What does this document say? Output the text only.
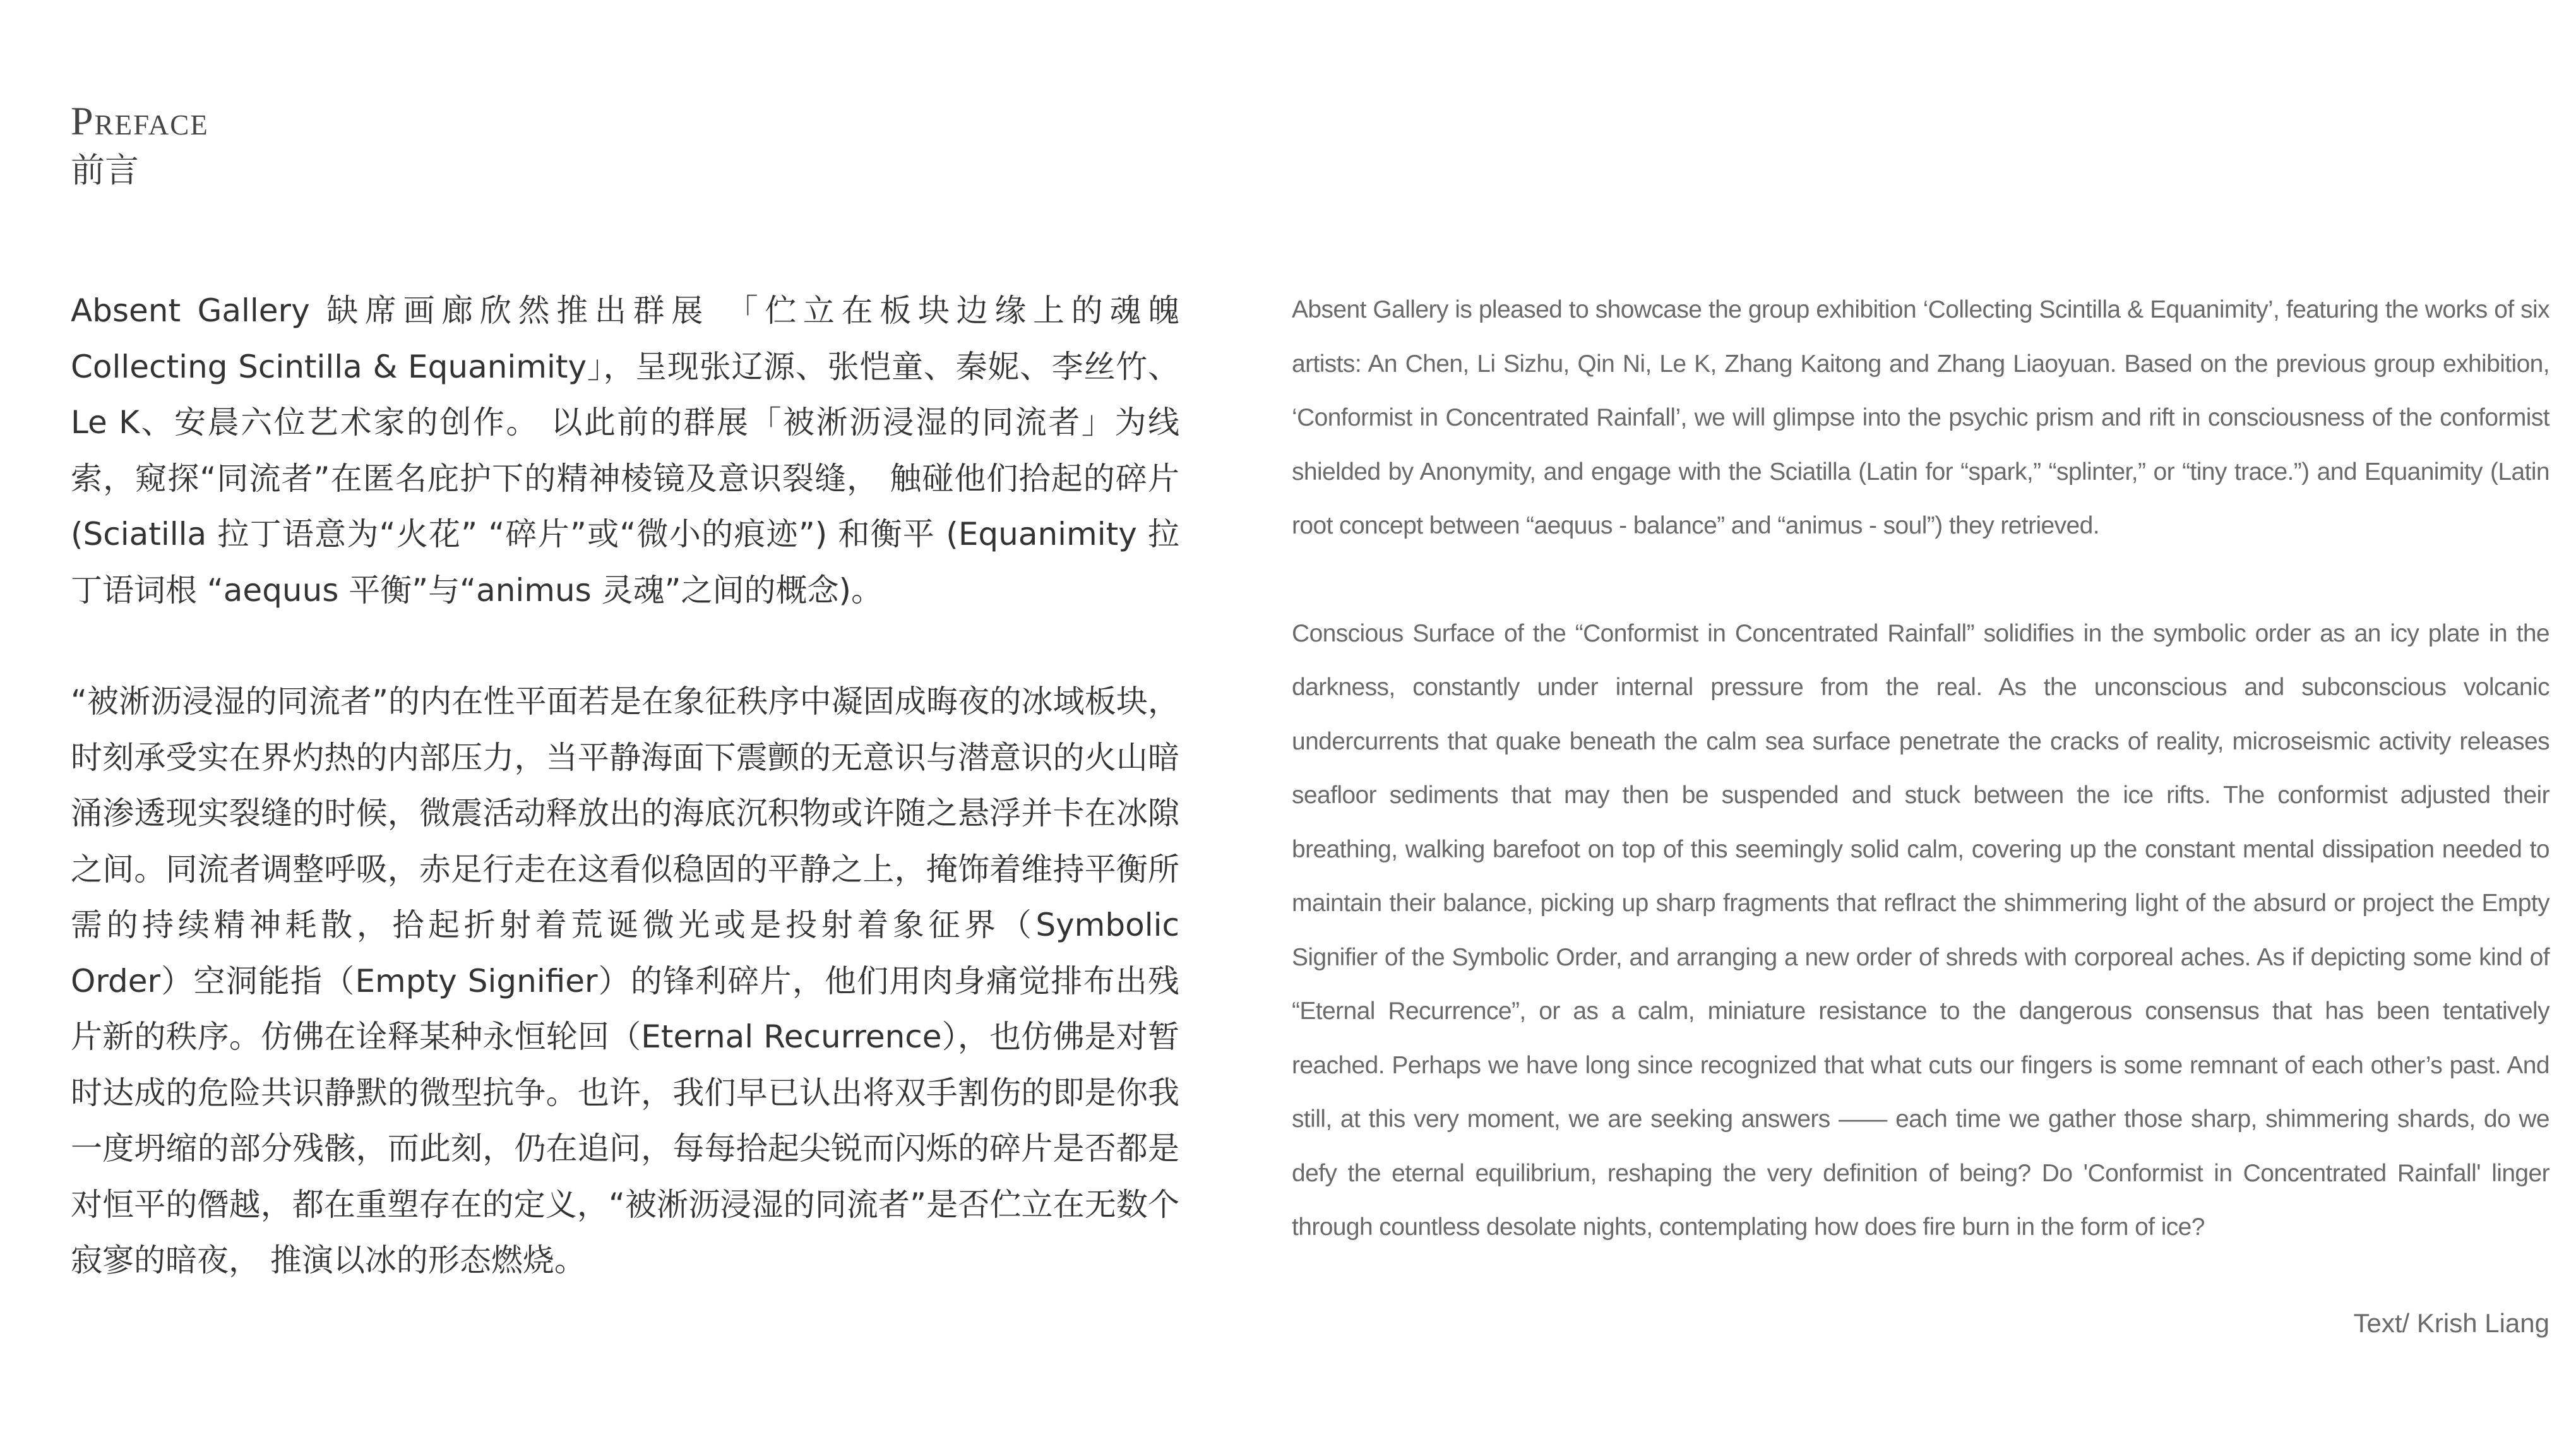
Preface
前言

Absent Gallery 缺席画廊欣然推出群展 「伫立在板块边缘上的魂魄 Collecting Scintilla & Equanimity」，呈现张辽源、张恺童、秦妮、李丝竹、Le K、安晨六位艺术家的创作。 以此前的群展「被淅沥浸湿的同流者」为线索，窥探“同流者”在匿名庇护下的精神棱镜及意识裂缝， 触碰他们拾起的碎片 (Sciatilla 拉丁语意为“火花” “碎片”或“微小的痕迹”) 和衡平 (Equanimity 拉丁语词根 “aequus 平衡”与“animus 灵魂”之间的概念)。

“被淅沥浸湿的同流者”的内在性平面若是在象征秩序中凝固成晦夜的冰域板块，时刻承受实在界灼热的内部压力，当平静海面下震颤的无意识与潜意识的火山暗涌渗透现实裂缝的时候，微震活动释放出的海底沉积物或许随之悬浮并卡在冰隙之间。同流者调整呼吸，赤足行走在这看似稳固的平静之上，掩饰着维持平衡所需的持续精神耗散，拾起折射着荒诞微光或是投射着象征界（Symbolic Order）空洞能指（Empty Signifier）的锋利碎片，他们用肉身痛觉排布出残片新的秩序。仿佛在诠释某种永恒轮回（Eternal Recurrence），也仿佛是对暂时达成的危险共识静默的微型抗争。也许，我们早已认出将双手割伤的即是你我一度坍缩的部分残骸，而此刻，仍在追问，每每拾起尖锐而闪烁的碎片是否都是对恒平的僭越，都在重塑存在的定义，“被淅沥浸湿的同流者”是否伫立在无数个寂寥的暗夜， 推演以冰的形态燃烧。

Absent Gallery is pleased to showcase the group exhibition ‘Collecting Scintilla & Equanimity’, featuring the works of six artists: An Chen, Li Sizhu, Qin Ni, Le K, Zhang Kaitong and Zhang Liaoyuan. Based on the previous group exhibition, ‘Conformist in Concentrated Rainfall’, we will glimpse into the psychic prism and rift in consciousness of the conformist shielded by Anonymity, and engage with the Sciatilla (Latin for “spark,” “splinter,” or “tiny trace.”) and Equanimity (Latin root concept between “aequus - balance” and “animus - soul”) they retrieved.

Conscious Surface of the “Conformist in Concentrated Rainfall” solidifies in the symbolic order as an icy plate in the darkness, constantly under internal pressure from the real. As the unconscious and subconscious volcanic undercurrents that quake beneath the calm sea surface penetrate the cracks of reality, microseismic activity releases seafloor sediments that may then be suspended and stuck between the ice rifts. The conformist adjusted their breathing, walking barefoot on top of this seemingly solid calm, covering up the constant mental dissipation needed to maintain their balance, picking up sharp fragments that reflract the shimmering light of the absurd or project the Empty Signifier of the Symbolic Order, and arranging a new order of shreds with corporeal aches. As if depicting some kind of “Eternal Recurrence”, or as a calm, miniature resistance to the dangerous consensus that has been tentatively reached. Perhaps we have long since recognized that what cuts our fingers is some remnant of each other’s past. And still, at this very moment, we are seeking answers —— each time we gather those sharp, shimmering shards, do we defy the eternal equilibrium, reshaping the very definition of being? Do 'Conformist in Concentrated Rainfall' linger through countless desolate nights, contemplating how does fire burn in the form of ice?

Text/ Krish Liang
